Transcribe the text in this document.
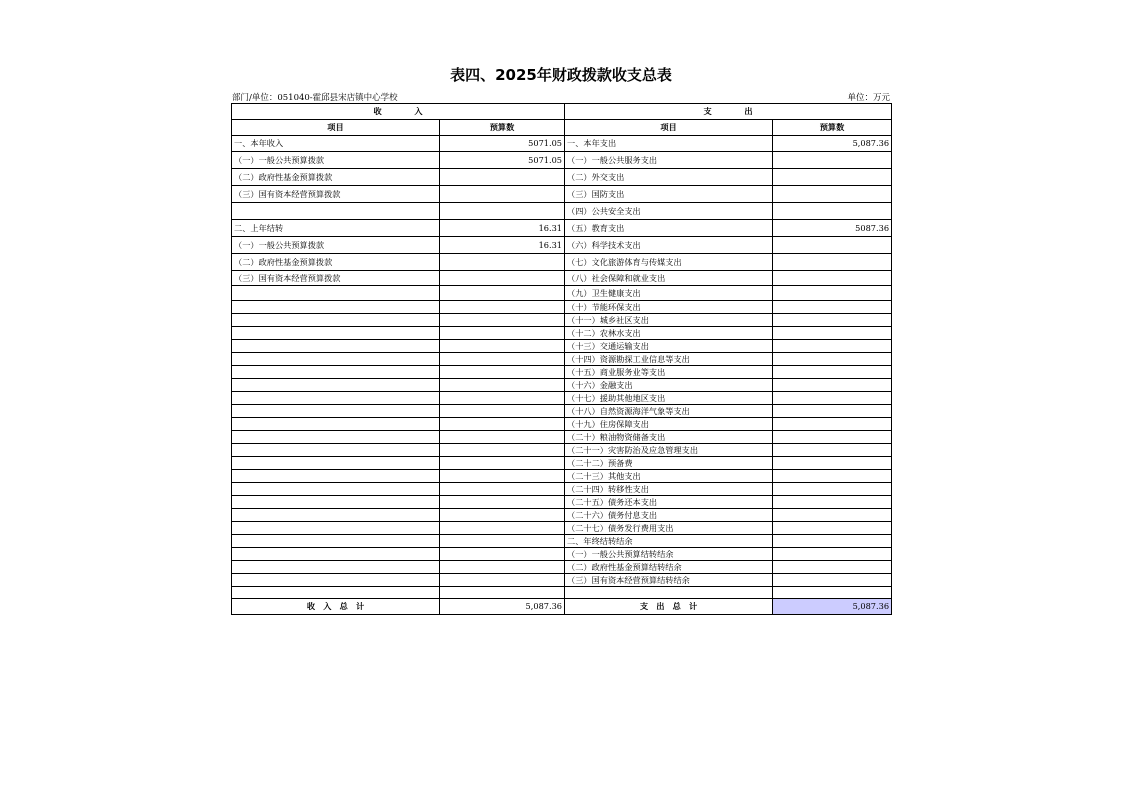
表四、2025年财政拨款收支总表
部门/单位：051040-霍邱县宋店镇中心学校	单位：万元
收　　　　入		支　　　　出	
项目	预算数	项目	预算数
一、本年收入	5071.05	一、本年支出	5,087.36
（一）一般公共预算拨款	5071.05	（一）一般公共服务支出	
（二）政府性基金预算拨款		（二）外交支出	
（三）国有资本经营预算拨款		（三）国防支出	
		（四）公共安全支出	
二、上年结转	16.31	（五）教育支出	5087.36
（一）一般公共预算拨款	16.31	（六）科学技术支出	
（二）政府性基金预算拨款		（七）文化旅游体育与传媒支出	
（三）国有资本经营预算拨款		（八）社会保障和就业支出	
		（九）卫生健康支出	
		（十）节能环保支出	
		（十一）城乡社区支出	
		（十二）农林水支出	
		（十三）交通运输支出	
		（十四）资源勘探工业信息等支出	
		（十五）商业服务业等支出	
		（十六）金融支出	
		（十七）援助其他地区支出	
		（十八）自然资源海洋气象等支出	
		（十九）住房保障支出	
		（二十）粮油物资储备支出	
		（二十一）灾害防治及应急管理支出	
		（二十二）预备费	
		（二十三）其他支出	
		（二十四）转移性支出	
		（二十五）债务还本支出	
		（二十六）债务付息支出	
		（二十七）债务发行费用支出	
		二、年终结转结余	
		（一）一般公共预算结转结余	
		（二）政府性基金预算结转结余	
		（三）国有资本经营预算结转结余	

收　入　总　计	5,087.36	支　出　总　计	5,087.36
